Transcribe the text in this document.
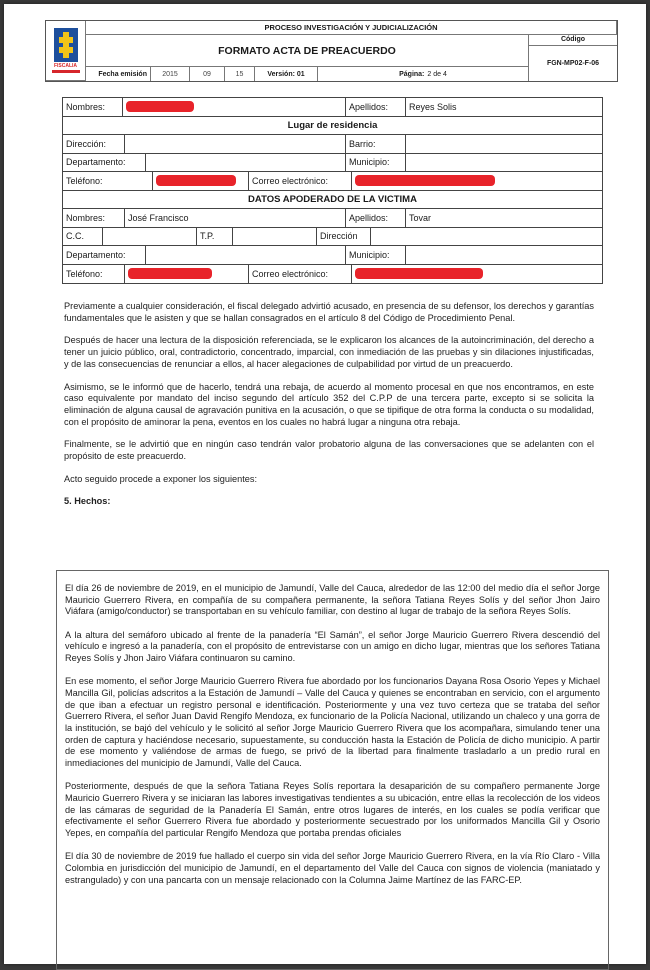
FISCALIA
PROCESO INVESTIGACIÓN Y JUDICIALIZACIÓN
FORMATO ACTA DE PREACUERDO
Código
FGN-MP02-F-06
Fecha emisión	2015	09	15	Versión: 01	Página: 2 de 4
Nombres:	Apellidos:	Reyes Solis
Lugar de residencia
Dirección:	Barrio:
Departamento:	Municipio:
Teléfono:	Correo electrónico:
DATOS APODERADO DE LA VICTIMA
Nombres:	José Francisco	Apellidos:	Tovar
C.C.	T.P.	Dirección
Departamento:	Municipio:
Teléfono:	Correo electrónico:

Previamente a cualquier consideración, el fiscal delegado advirtió acusado, en presencia de su defensor, los derechos y garantías fundamentales que le asisten y que se hallan consagrados en el artículo 8 del Código de Procedimiento Penal.

Después de hacer una lectura de la disposición referenciada, se le explicaron los alcances de la autoincriminación, del derecho a tener un juicio público, oral, contradictorio, concentrado, imparcial, con inmediación de las pruebas y sin dilaciones injustificadas, y de las consecuencias de renunciar a ellos, al hacer alegaciones de culpabilidad por virtud de un preacuerdo.

Asimismo, se le informó que de hacerlo, tendrá una rebaja, de acuerdo al momento procesal en que nos encontramos, en este caso equivalente por mandato del inciso segundo del artículo 352 del C.P.P de una tercera parte, excepto si se solicita la eliminación de alguna causal de agravación punitiva en la acusación, o que se tipifique de otra forma la conducta o su modalidad, con el propósito de aminorar la pena, eventos en los cuales no habrá lugar a ninguna otra rebaja.

Finalmente, se le advirtió que en ningún caso tendrán valor probatorio alguna de las conversaciones que se adelanten con el propósito de este preacuerdo.

Acto seguido procede a exponer los siguientes:

5. Hechos:

El día 26 de noviembre de 2019, en el municipio de Jamundí, Valle del Cauca, alrededor de las 12:00 del medio día el señor Jorge Mauricio Guerrero Rivera, en compañía de su compañera permanente, la señora Tatiana Reyes Solís y del señor Jhon Jairo Viáfara (amigo/conductor) se transportaban en su vehículo familiar, con destino al lugar de trabajo de la señora Reyes Solís.

A la altura del semáforo ubicado al frente de la panadería “El Samán”, el señor Jorge Mauricio Guerrero Rivera descendió del vehículo e ingresó a la panadería, con el propósito de entrevistarse con un amigo en dicho lugar, mientras que los señores Tatiana Reyes Solís y Jhon Jairo Viáfara continuaron su camino.

En ese momento, el señor Jorge Mauricio Guerrero Rivera fue abordado por los funcionarios Dayana Rosa Osorio Yepes y Michael Mancilla Gil, policías adscritos a la Estación de Jamundí – Valle del Cauca y quienes se encontraban en servicio, con el argumento de que iban a efectuar un registro personal e identificación. Posteriormente y una vez tuvo certeza que se trataba del señor Guerrero Rivera, el señor Juan David Rengifo Mendoza, ex funcionario de la Policía Nacional, utilizando un chaleco y una gorra de la institución, se bajó del vehículo y le solicitó al señor Jorge Mauricio Guerrero Rivera que los acompañara, simulando tener una orden de captura y haciéndose necesario, supuestamente, su conducción hasta la Estación de Policía de dicho municipio. A partir de ese momento y valiéndose de armas de fuego, se privó de la libertad para finalmente trasladarlo a un predio rural en inmediaciones del municipio de Jamundí, Valle del Cauca.

Posteriormente, después de que la señora Tatiana Reyes Solís reportara la desaparición de su compañero permanente Jorge Mauricio Guerrero Rivera y se iniciaran las labores investigativas tendientes a su ubicación, entre ellas la recolección de los videos de las cámaras de seguridad de la Panadería El Samán, entre otros lugares de interés, en los cuales se podía verificar que efectivamente el señor Guerrero Rivera fue abordado y posteriormente secuestrado por los uniformados Mancilla Gil y Osorio Yepes, en compañía del particular Rengifo Mendoza que portaba prendas oficiales

El día 30 de noviembre de 2019 fue hallado el cuerpo sin vida del señor Jorge Mauricio Guerrero Rivera, en la vía Río Claro - Villa Colombia en jurisdicción del municipio de Jamundí, en el departamento del Valle del Cauca con signos de violencia (maniatado y estrangulado) y con una pancarta con un mensaje relacionado con la Columna Jaime Martínez de las FARC-EP.
